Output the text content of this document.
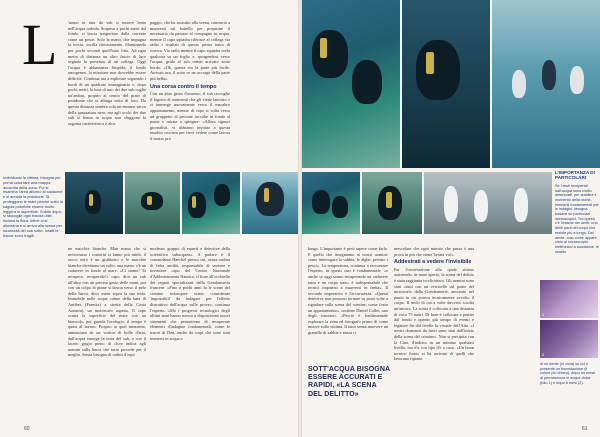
L 'uomo in tuta da sub si muove lento nell'acqua torbida. Sospeso a pochi metri dal fondo, si lascia trasportare dalla corrente come un pesce. Solo la mano, che impugna la torcia, oscilla ritmicamente, illuminando per pochi secondi quell'buio fitto. Ad ogni metro di distanza un altro fascio di luce segnala la presenza di un collega. Oggi l'acqua è abbastanza limpida; il fondo omogeneo, la missione non dovrebbe essere difficile. Continua ma a esplorare seguendo i bordi di un quadrato immaginario e, dopo pochi metri, la luce di uno dei due sub coglie un'ombra, proprio al centro del prato di posidonie che si allarga sotto di loro. Da questa distanza sembra solo un enorme sacco della spazzatura nera, ma agli occhi dei due sub si ferma in acqua non sfuggono la sagoma caratteristica e alcu

paggio, che ha assistito alla scena, comincia a muoversi sul battello per preparare il necessario da passare al compagno in acqua, mentre il capo squadra riferisce al collega via radio i risultati di questo primo tratto di ricerca. Via radio mentre il capo squadra svela qualcosa su un foglio e, sporgendosi verso l'acqua, grida al sub ormai arrivato sotto bordo: «Ok, questa era la parte più facile. Arrivati ora, il sotto se ne accorge della parte più bella».

Una corsa contro il tempo

Con un altro gesto d'assenso, il sub raccoglie il fagotto di strumenti che gli viene lanciato e si immerge nuovamente verso il macabro appuntamento, mentre di capo si volta verso un gruppetto di persone raccolte in fondo al ponte e mirate a spiegare: «Allora signori giornalisti, vi abbiamo invitato a questa insolita crociera per farvi vedere come lavora il nostro pro

Individuato la vittima, bisogna per prima cosa fare una mappa accurata della zona. Poi si esamina l'area attorno al cadavere e si annota la posizione. Si proteggono le mani perché sotto la sagola potrebbe essere molto leggera in superficie. Subito dopo, si raccoglie ogni traccia utile, inclusa la flora. Infine ci si allontana e si arriva alla scena per sicurezza del sub sotto. Infatti le tracce sono fragili.

ne macchie bianche. Man mano che si avvicinano i contorni si fanno più nitidi, il sacco nero è un giubbotto e le macchie bianche diventano un volto: una mano: c'è un cadavere in fondo al mare. «Ci siamo! Ta recupero, recuperalo!» capo, dice un sub all'altro con un preciso gesto delle mani, poi con un colpo di pinne si lancia verso il pelo della barca, dieci metri sopra la sua testa. Immobile nelle acque calme della baia di Antibes (Francia) a stretta della Costa Azzurra), un motoscafo aspetta. Il capo scruta la superficie del mare con un binocolo, poi guarda l'orologio: il tempo è quasi al lavoro. Proprio in quel momento, annunciata da un vortice di bolle d'aria, dall'acqua emerge la testa del sub, e con il lacero grigio pieno di clore indica agli uomini sulla barca che tutto procede per il meglio. Senza bisogno di ordini il equi

moderno gruppo di esperti e detective della scientifica subacquea». A parlare è il comandante Haeckel presso cui, senza ombra di falsa umiltà, responsabile di sezione e inventore capo del Centro Nazionale d'Addestramento Nautico, il fiore all'occhiello dei reparti specializzati della Gendarmeria francese. «Fino a pochi anni fa le scene del crimine subacquee erano considerate 'impossibili' da indagare per l'effetto distruttivo dell'acqua sulle prove», continua l'esperto. «Ma i progressi tecnologici degli ultimi anni hanno messo a disposizione nuovi strumenti che permettono di recuperare elementi d'indagine fondamentali, come le tracce di Dna, anche da corpi che sono stati immersi in acqua a

60
L'IMPORTANZA DI PARTICOLARI
Se i resti recuperati dall'acqua sono molto deteriorati, per stabilire il momento della morte, elementi fondamentali per le indagini, bisogna basarsi su particolari microscopici. Tra questi c'è l'esame dei denti, una delle parti del corpo che resiste più a lungo. Dal dente, così come appare, visto al microscopio elettronico a scansione, le smalto

lungo. L'importante è però sapere come farlo. E quello che insegniamo ai nostri uomini: come interrogare la sabbia, le alghe, persino i pesci». La temperatura, continua a raccontare l'esperto, in questi casi è fondamentale, «e anche se oggi siamo recuperando un cadavere tutto e un corpo steso, è indispensabile che tecnici imparino a muoversi in fretta». Il secondo imperativo è l'accuratezza. «Questi detective non possono tornare su posti volte a rigardare sulla scena del crimine, come fosse un appartamento», sostiene Daniel Collet, uno degli istruttori. «Perciò è fondamentale esplorare la zona ed fotografo primo di come muove sulla vittima. Il tutto senza muovere un granello di sabbia e senza ri

SOTT'ACQUA BISOGNA ESSERE ACCURATI E RAPIDI, «LA SCENA DEL DELITTO»

mescolare che ogni minuto che passa è una prova in più che viene 'lavata via'».

Addestrati a vedere l'invisibile

Per l'osservazione alla quale stiamo assistendo, in mare aperto, la scena del delitto è stata raggiunta in elicottero. Gli uomini sono stati calati con un verricello sul ponte del motoscafo della Gendarmerie, ancorato nel punto in cui poteva tecnicamente avvolto il corpo. Il molo di cui a volte davvero sciolta un'ancora. La scena è collocata a una distanza di circa 75 metri. Di base è collocata a partire dal fondo e quanto più tempo di eventi e legature fin dal livello la visuale dell'Alta. «I nostri dormanti da fuori sono stati dall'inizio della scena del crimine». Non si precipita con la Cina, d'indizio in un minimo qualsiasi livello, ma d'a con tipo d'e a caso. «Un buon tecnico fiuto» si ha arrivato di quelli che lavorano ripiano.

1
2
di un dente (in viola) su cui è presente un'incrostazione (il colore più chiaro), dopo un mese di permanenza in acqua dolce (foto 1) e dopo 6 mesi (2).
61
